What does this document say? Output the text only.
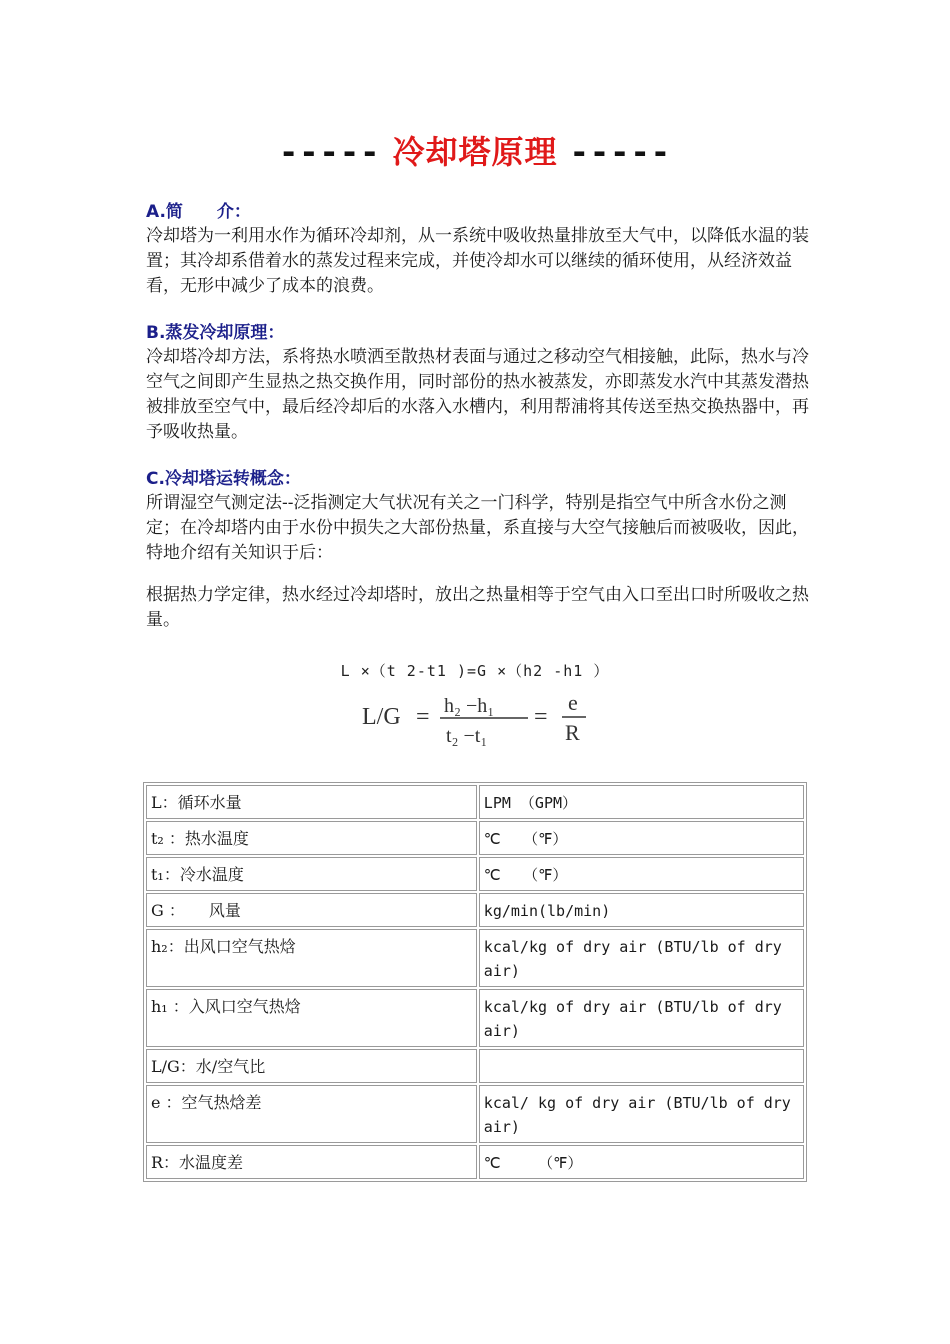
----- 冷却塔原理 -----
A.简　　介：

冷却塔为一利用水作为循环冷却剂，从一系统中吸收热量排放至大气中，以降低水温的装置；其冷却系借着水的蒸发过程来完成，并使冷却水可以继续的循环使用，从经济效益看，无形中减少了成本的浪费。

B.蒸发冷却原理：

冷却塔冷却方法，系将热水喷洒至散热材表面与通过之移动空气相接触，此际，热水与冷空气之间即产生显热之热交换作用，同时部份的热水被蒸发，亦即蒸发水汽中其蒸发潜热被排放至空气中，最后经冷却后的水落入水槽内，利用帮浦将其传送至热交换热器中，再予吸收热量。

C.冷却塔运转概念：

所谓湿空气测定法--泛指测定大气状况有关之一门科学，特别是指空气中所含水份之测定；在冷却塔内由于水份中损失之大部份热量，系直接与大空气接触后而被吸收，因此，特地介绍有关知识于后：

根据热力学定律，热水经过冷却塔时，放出之热量相等于空气由入口至出口时所吸收之热量。

L ×（t 2-t1 )=G ×（h2 -h1 ）
L/G = h₂ −h₁
t₂ −t₁
=
e
R
L：循环水量	LPM （GPM）
t₂ ：热水温度	℃　　（℉）
t₁：冷水温度	℃　　（℉）
G ：　　风量	kg/min(lb/min)
h₂：出风口空气热焓	kcal/kg of dry air (BTU/lb of dry air)
h₁ ：入风口空气热焓	kcal/kg of dry air (BTU/lb of dry air)
L/G：水/空气比	
e ：空气热焓差	kcal/ kg of dry air (BTU/lb of dry air)
R：水温度差	℃　　　（℉）
